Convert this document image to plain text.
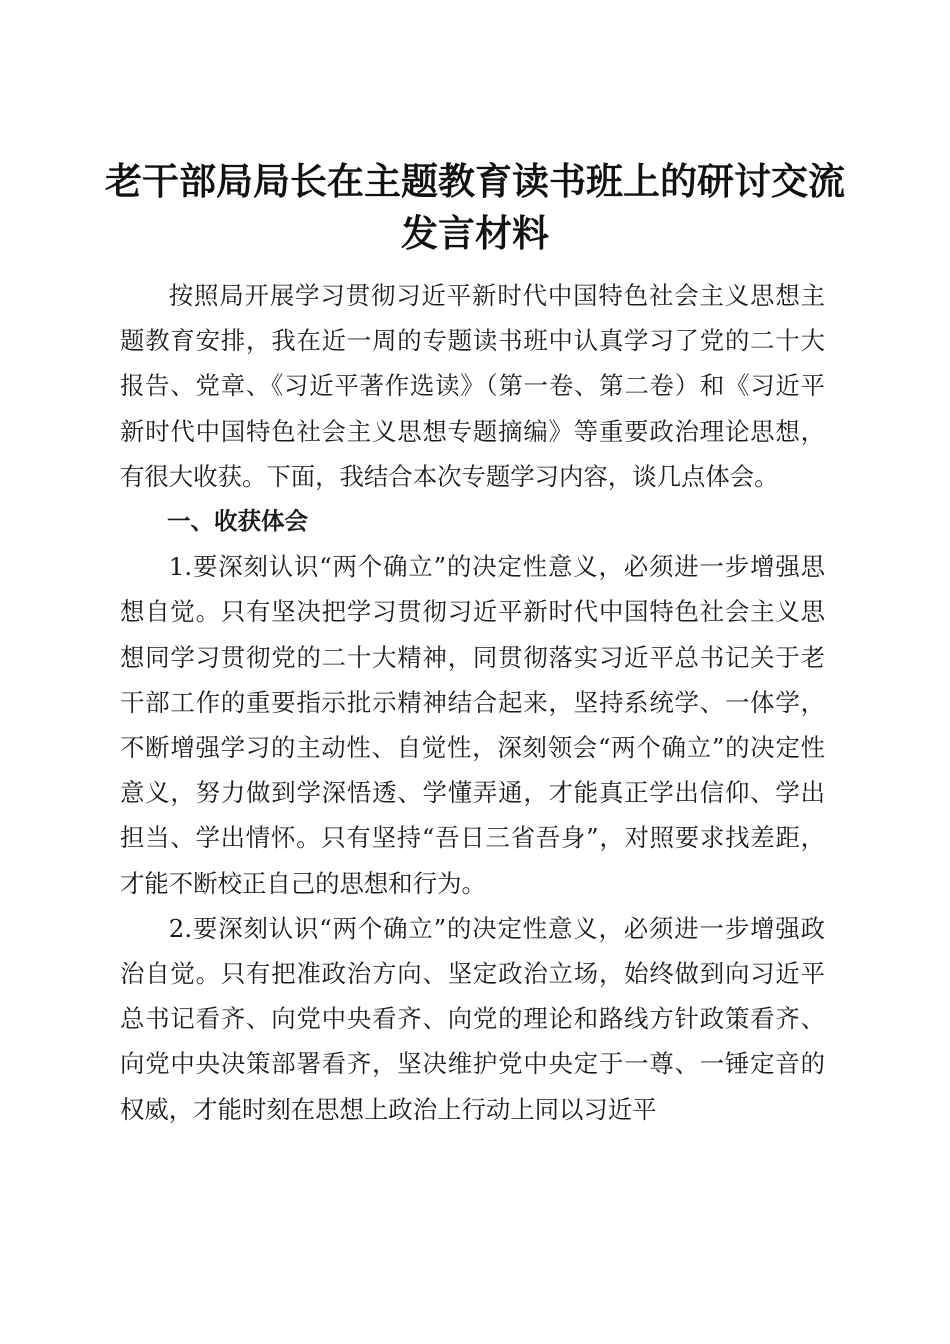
老干部局局长在主题教育读书班上的研讨交流
发言材料

按照局开展学习贯彻习近平新时代中国特色社会主义思想主题教育安排，我在近一周的专题读书班中认真学习了党的二十大报告、党章、《习近平著作选读》（第一卷、第二卷）和《习近平新时代中国特色社会主义思想专题摘编》等重要政治理论思想，有很大收获。下面，我结合本次专题学习内容，谈几点体会。

一、收获体会

1.要深刻认识“两个确立”的决定性意义，必须进一步增强思想自觉。只有坚决把学习贯彻习近平新时代中国特色社会主义思想同学习贯彻党的二十大精神，同贯彻落实习近平总书记关于老干部工作的重要指示批示精神结合起来，坚持系统学、一体学，不断增强学习的主动性、自觉性，深刻领会“两个确立”的决定性意义，努力做到学深悟透、学懂弄通，才能真正学出信仰、学出担当、学出情怀。只有坚持“吾日三省吾身”，对照要求找差距，才能不断校正自己的思想和行为。

2.要深刻认识“两个确立”的决定性意义，必须进一步增强政治自觉。只有把准政治方向、坚定政治立场，始终做到向习近平总书记看齐、向党中央看齐、向党的理论和路线方针政策看齐、向党中央决策部署看齐，坚决维护党中央定于一尊、一锤定音的权威，才能时刻在思想上政治上行动上同以习近平
